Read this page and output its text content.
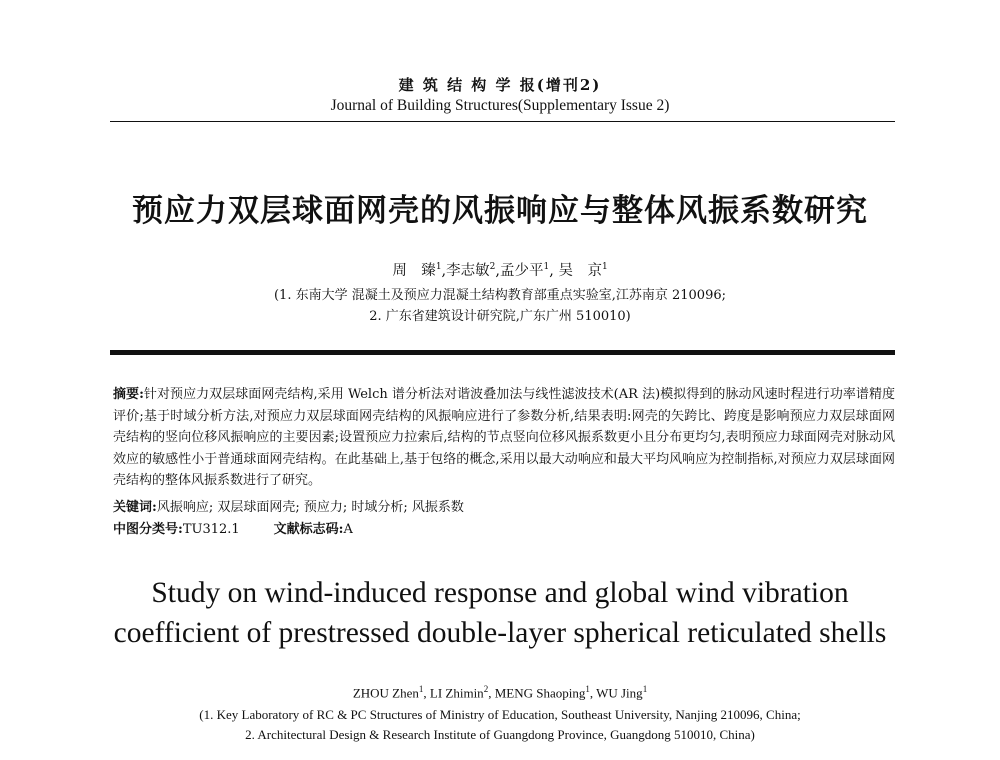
建 筑 结 构 学 报(增刊2)
Journal of Building Structures(Supplementary Issue 2)
预应力双层球面网壳的风振响应与整体风振系数研究
周　臻$^1$,李志敏$^2$,孟少平$^1$, 吴　京$^1$
(1. 东南大学 混凝土及预应力混凝土结构教育部重点实验室,江苏南京 210096;
2. 广东省建筑设计研究院,广东广州 510010)
摘要:针对预应力双层球面网壳结构,采用 Welch 谱分析法对谐波叠加法与线性滤波技术(AR 法)模拟得到的脉动风速时程进行功率谱精度评价;基于时域分析方法,对预应力双层球面网壳结构的风振响应进行了参数分析,结果表明:网壳的矢跨比、跨度是影响预应力双层球面网壳结构的竖向位移风振响应的主要因素;设置预应力拉索后,结构的节点竖向位移风振系数更小且分布更均匀,表明预应力球面网壳对脉动风效应的敏感性小于普通球面网壳结构。在此基础上,基于包络的概念,采用以最大动响应和最大平均风响应为控制指标,对预应力双层球面网壳结构的整体风振系数进行了研究。
关键词:风振响应; 双层球面网壳; 预应力; 时域分析; 风振系数
中图分类号:TU312.1	文献标志码:A
Study on wind-induced response and global wind vibration
coefficient of prestressed double-layer spherical reticulated shells
ZHOU Zhen$^1$, LI Zhimin$^2$, MENG Shaoping$^1$, WU Jing$^1$
(1. Key Laboratory of RC & PC Structures of Ministry of Education, Southeast University, Nanjing 210096, China;
2. Architectural Design & Research Institute of Guangdong Province, Guangdong 510010, China)
